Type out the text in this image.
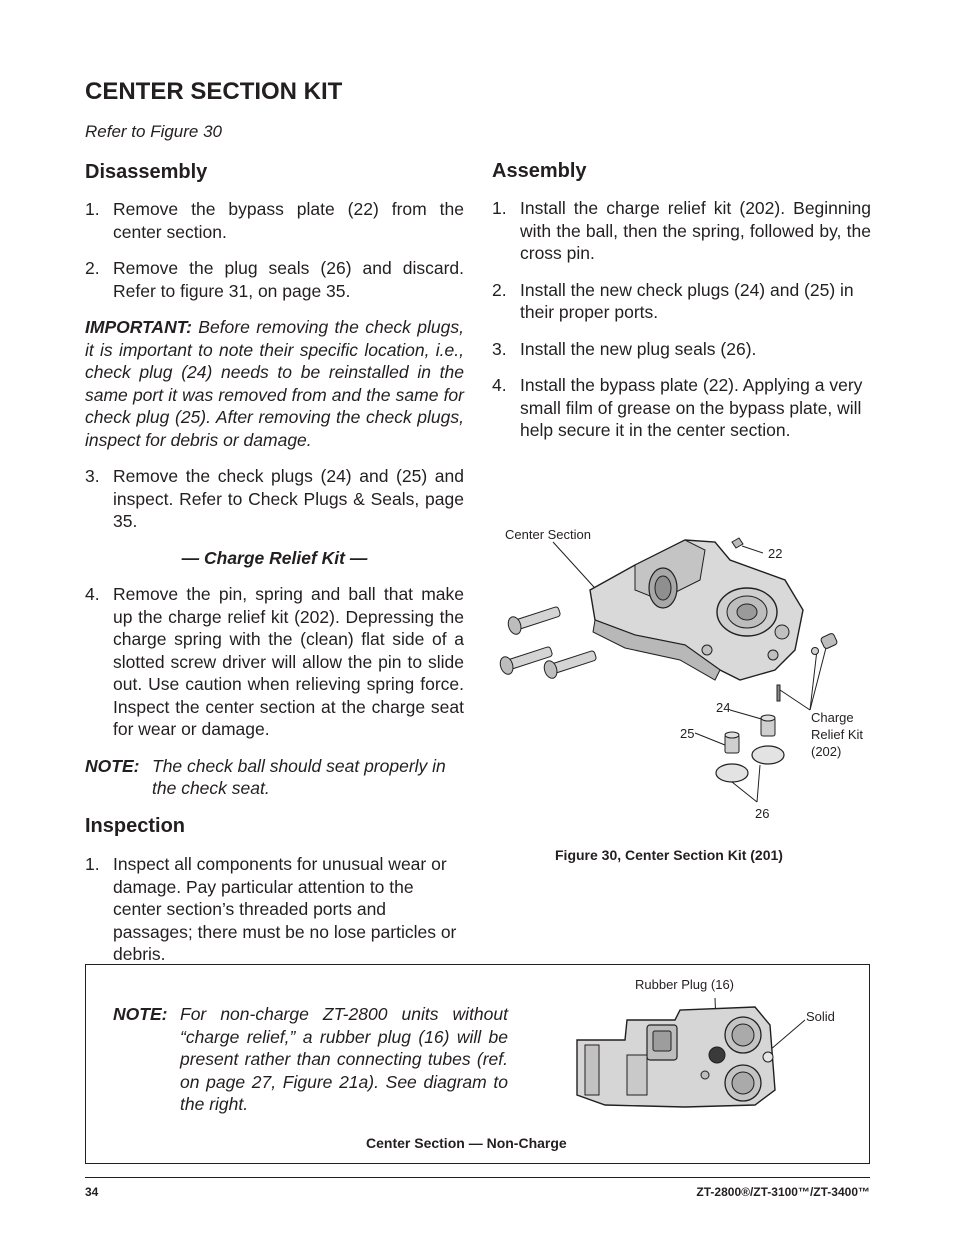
CENTER SECTION KIT
Refer to Figure 30
Disassembly
1. Remove the bypass plate (22) from the center section.
2. Remove the plug seals (26) and discard. Refer to figure 31, on page 35.
IMPORTANT: Before removing the check plugs, it is important to note their specific location, i.e., check plug (24) needs to be reinstalled in the same port it was removed from and the same for check plug (25). After removing the check plugs, inspect for debris or damage.
3. Remove the check plugs (24) and (25) and inspect. Refer to Check Plugs & Seals, page 35.
— Charge Relief Kit —
4. Remove the pin, spring and ball that make up the charge relief kit (202). Depressing the charge spring with the (clean) flat side of a slotted screw driver will allow the pin to slide out. Use caution when relieving spring force. Inspect the center section at the charge seat for wear or damage.
NOTE: The check ball should seat properly in the check seat.
Inspection
1. Inspect all components for unusual wear or damage. Pay particular attention to the center section’s threaded ports and passages; there must be no lose particles or debris.
Assembly
1. Install the charge relief kit (202). Beginning with the ball, then the spring, followed by, the cross pin.
2. Install the new check plugs (24) and (25) in their proper ports.
3. Install the new plug seals (26).
4. Install the bypass plate (22). Applying a very small film of grease on the bypass plate, will help secure it in the center section.
Center Section
22
24
25
26
Charge
Relief Kit
(202)
Figure 30, Center Section Kit (201)
NOTE: For non-charge ZT-2800 units without “charge relief,” a rubber plug (16) will be present rather than connecting tubes (ref. on page 27, Figure 21a). See diagram to the right.
Rubber Plug (16)
Solid
Center Section — Non-Charge
34	ZT-2800®/ZT-3100™/ZT-3400™
